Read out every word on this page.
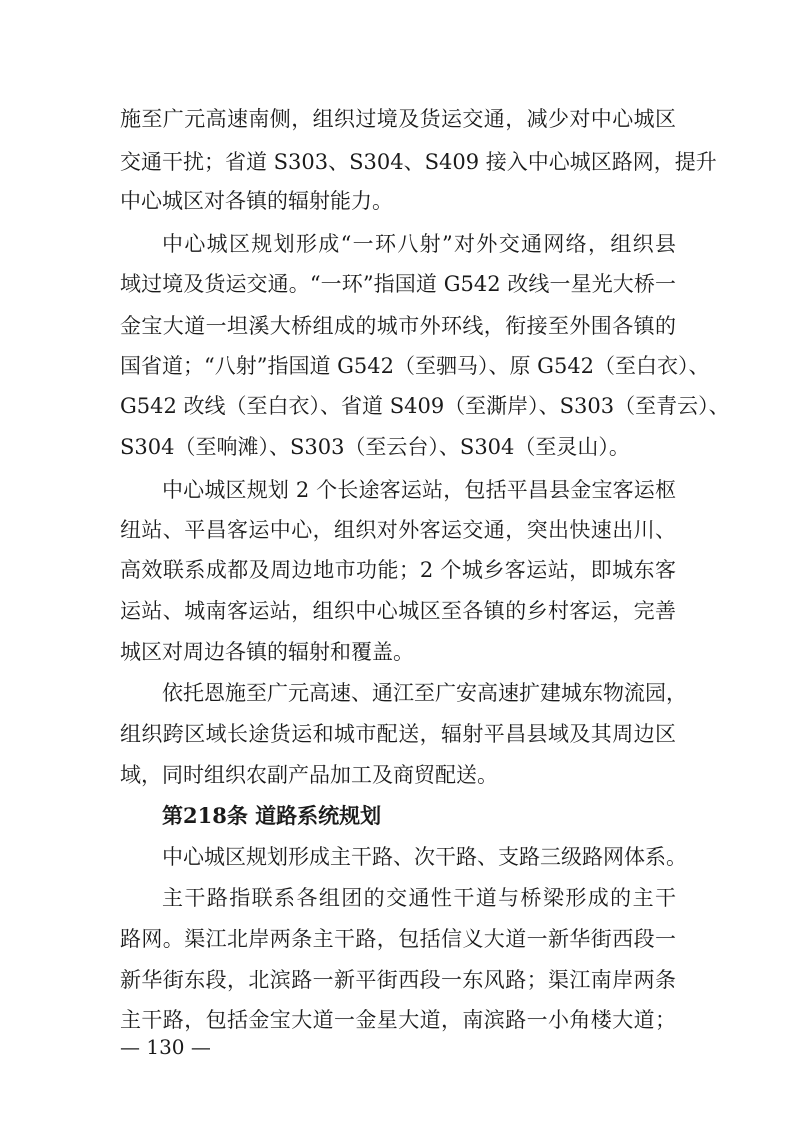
施至广元高速南侧，组织过境及货运交通，减少对中心城区
交通干扰；省道 S303、S304、S409 接入中心城区路网，提升
中心城区对各镇的辐射能力。
中心城区规划形成“一环八射”对外交通网络，组织县
域过境及货运交通。“一环”指国道 G542 改线一星光大桥一
金宝大道一坦溪大桥组成的城市外环线，衔接至外围各镇的
国省道；“八射”指国道 G542（至驷马）、原 G542（至白衣）、
G542 改线（至白衣）、省道 S409（至澌岸）、S303（至青云）、
S304（至响滩）、S303（至云台）、S304（至灵山）。
中心城区规划 2 个长途客运站，包括平昌县金宝客运枢
纽站、平昌客运中心，组织对外客运交通，突出快速出川、
高效联系成都及周边地市功能；2 个城乡客运站，即城东客
运站、城南客运站，组织中心城区至各镇的乡村客运，完善
城区对周边各镇的辐射和覆盖。
依托恩施至广元高速、通江至广安高速扩建城东物流园，
组织跨区域长途货运和城市配送，辐射平昌县域及其周边区
域，同时组织农副产品加工及商贸配送。
第218条 道路系统规划
中心城区规划形成主干路、次干路、支路三级路网体系。
主干路指联系各组团的交通性干道与桥梁形成的主干
路网。渠江北岸两条主干路，包括信义大道一新华街西段一
新华街东段，北滨路一新平街西段一东风路；渠江南岸两条
主干路，包括金宝大道一金星大道，南滨路一小角楼大道；
— 130 —
